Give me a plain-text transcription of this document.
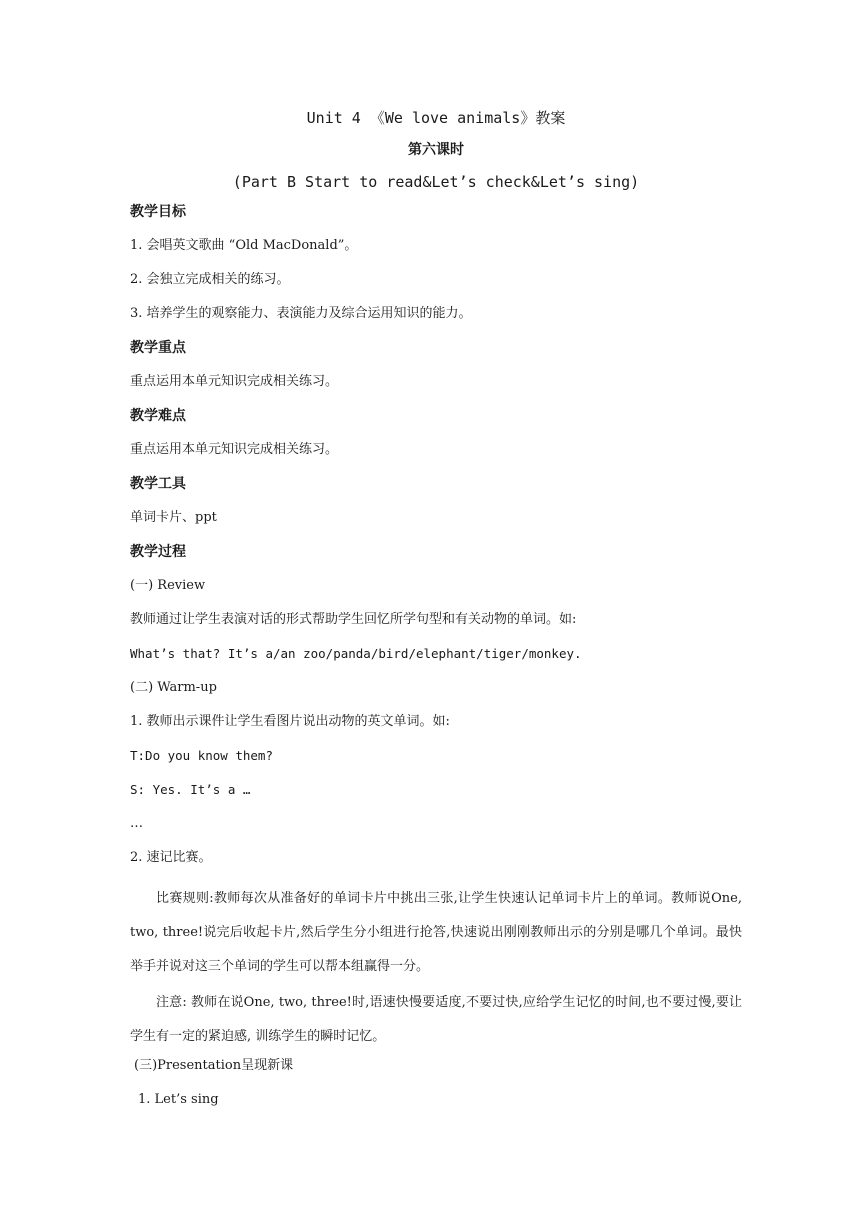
Unit 4 《We love animals》教案
第六课时
(Part B Start to read&Let’s check&Let’s sing)
教学目标
1. 会唱英文歌曲 “Old MacDonald”。
2. 会独立完成相关的练习。
3. 培养学生的观察能力、表演能力及综合运用知识的能力。
教学重点
重点运用本单元知识完成相关练习。
教学难点
重点运用本单元知识完成相关练习。
教学工具
单词卡片、ppt
教学过程
(一) Review
教师通过让学生表演对话的形式帮助学生回忆所学句型和有关动物的单词。如:
What’s that? It’s a/an zoo/panda/bird/elephant/tiger/monkey.
(二) Warm-up
1. 教师出示课件让学生看图片说出动物的英文单词。如:
T:Do you know them?
S: Yes. It’s a …
…
2. 速记比赛。
比赛规则:教师每次从准备好的单词卡片中挑出三张,让学生快速认记单词卡片上的单词。教师说One, two, three!说完后收起卡片,然后学生分小组进行抢答,快速说出刚刚教师出示的分别是哪几个单词。最快举手并说对这三个单词的学生可以帮本组赢得一分。
注意: 教师在说One, two, three!时,语速快慢要适度,不要过快,应给学生记忆的时间,也不要过慢,要让学生有一定的紧迫感, 训练学生的瞬时记忆。
(三)Presentation呈现新课
1. Let’s sing
